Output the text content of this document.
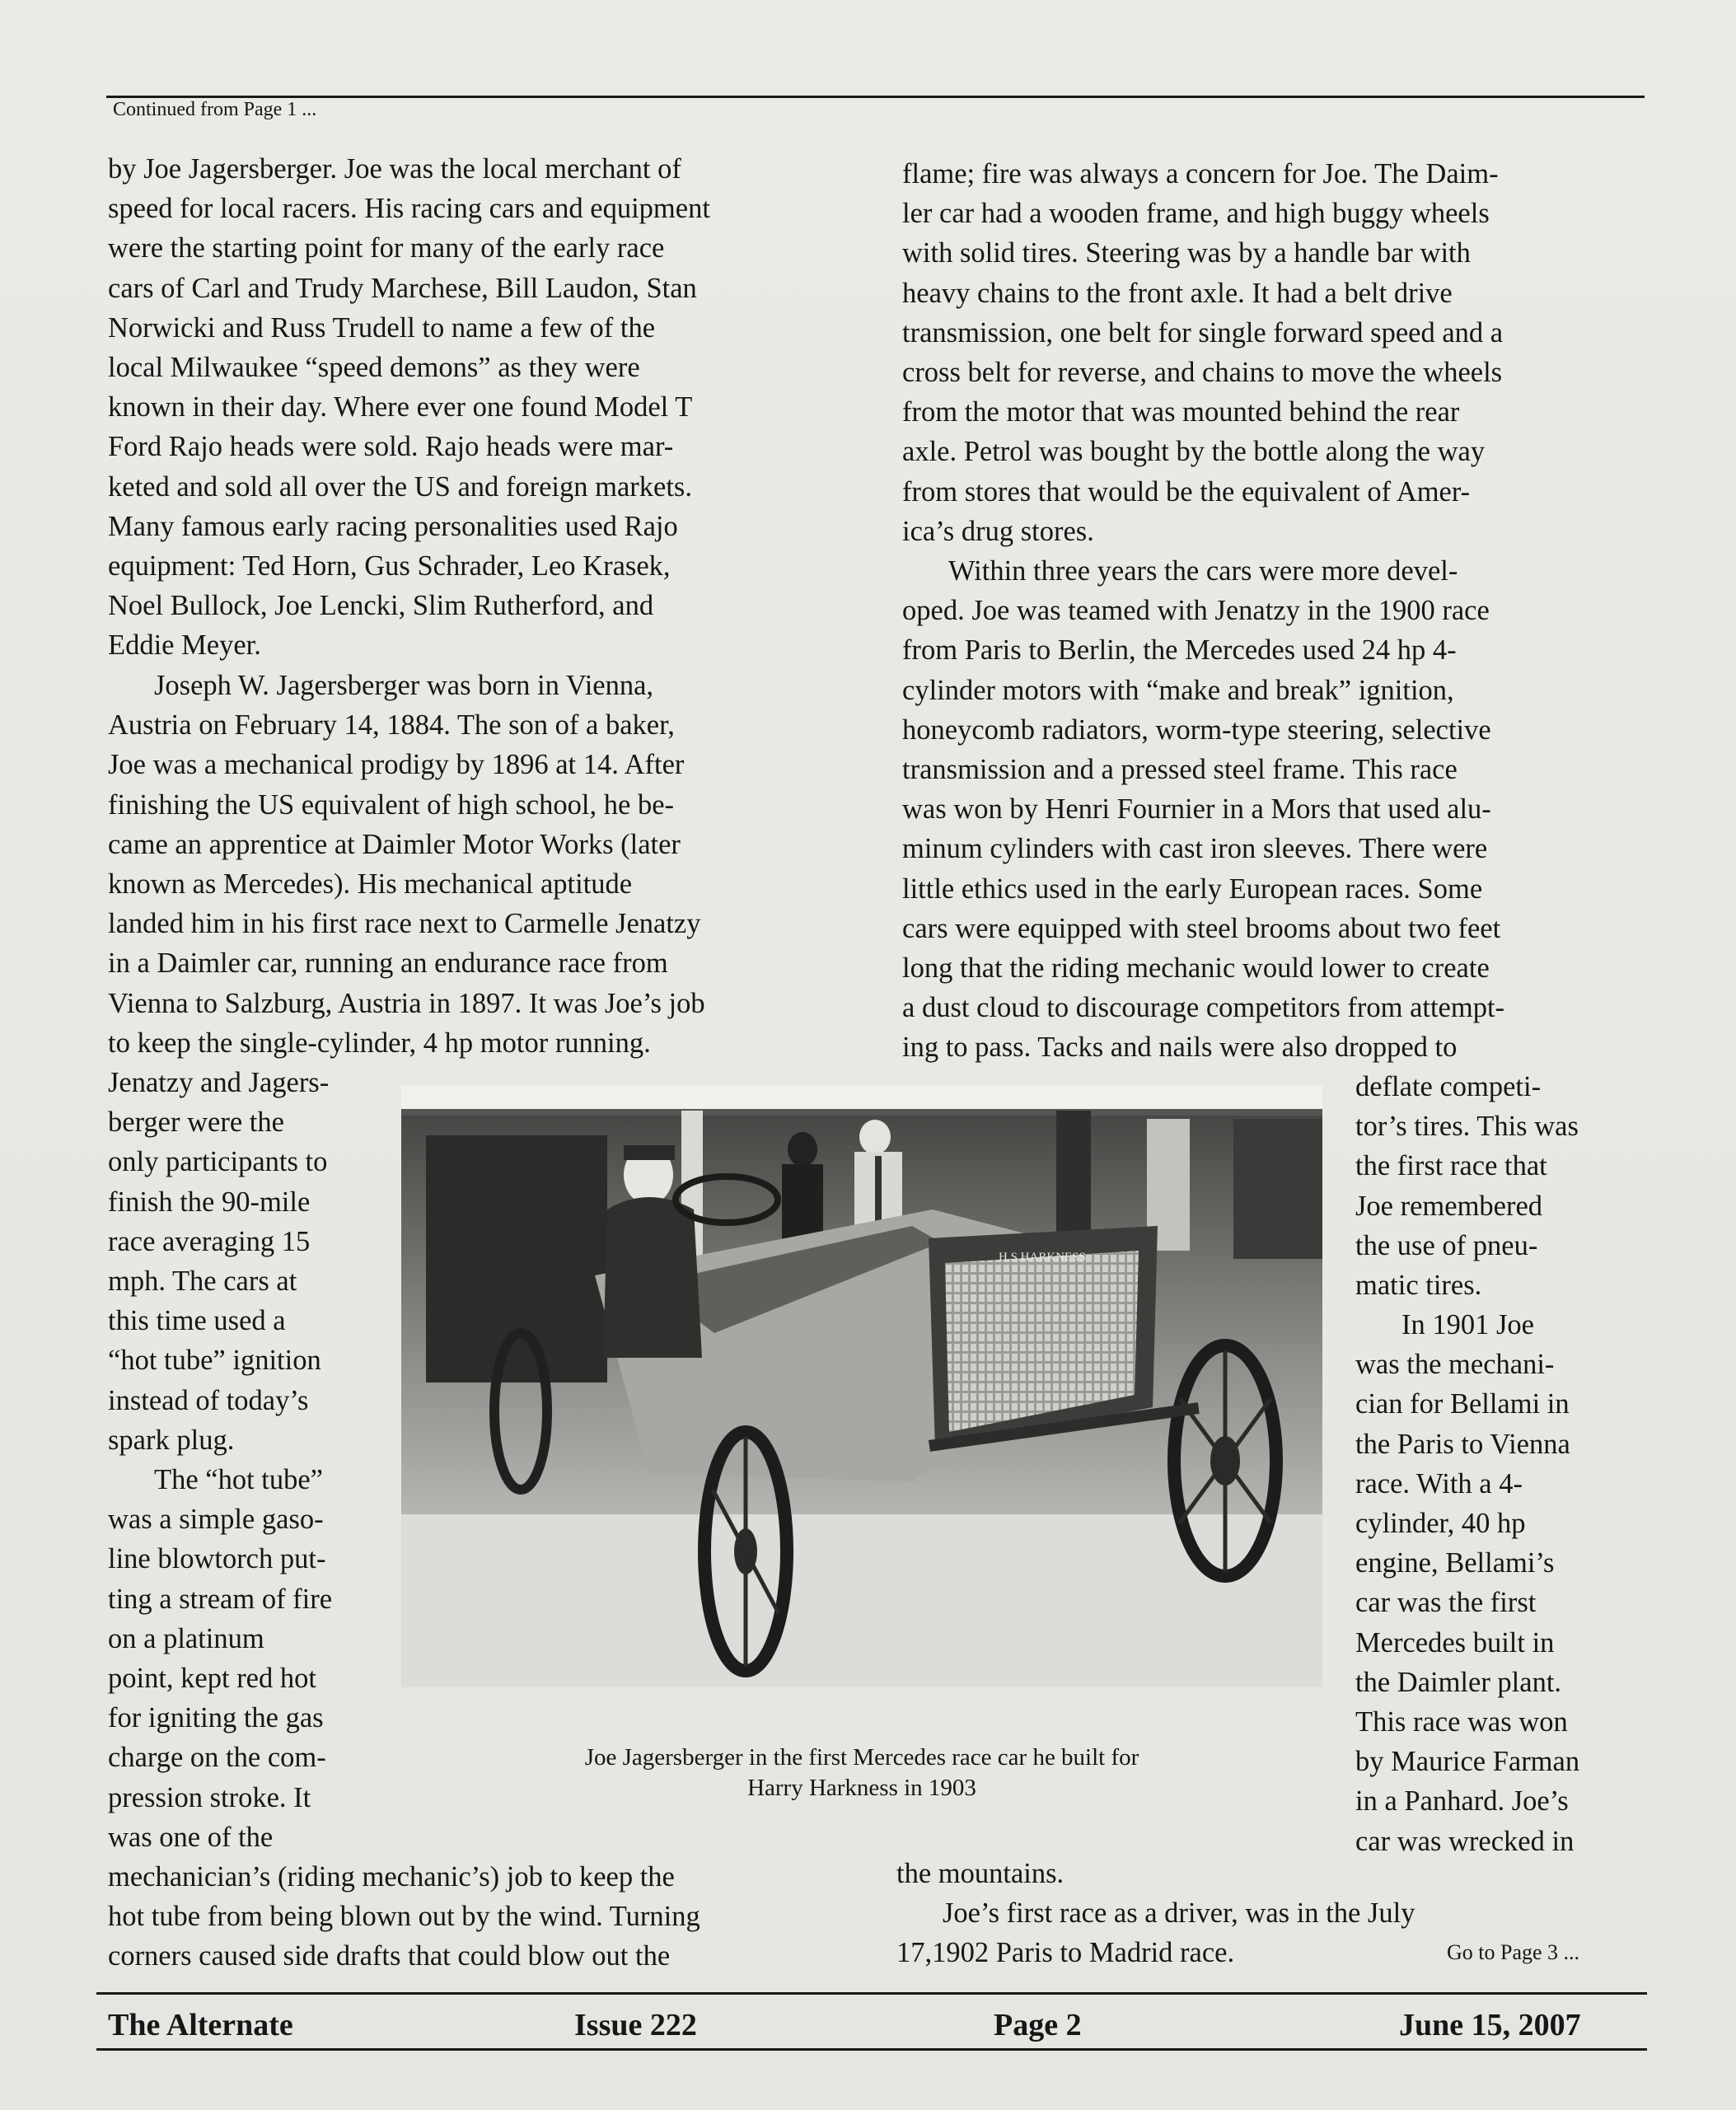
Continued from Page 1 ...
by Joe Jagersberger. Joe was the local merchant of
speed for local racers. His racing cars and equipment
were the starting point for many of the early race
cars of Carl and Trudy Marchese, Bill Laudon, Stan
Norwicki and Russ Trudell to name a few of the
local Milwaukee “speed demons” as they were
known in their day. Where ever one found Model T
Ford Rajo heads were sold. Rajo heads were mar-
keted and sold all over the US and foreign markets.
Many famous early racing personalities used Rajo
equipment: Ted Horn, Gus Schrader, Leo Krasek,
Noel Bullock, Joe Lencki, Slim Rutherford, and
Eddie Meyer.
Joseph W. Jagersberger was born in Vienna,
Austria on February 14, 1884. The son of a baker,
Joe was a mechanical prodigy by 1896 at 14. After
finishing the US equivalent of high school, he be-
came an apprentice at Daimler Motor Works (later
known as Mercedes). His mechanical aptitude
landed him in his first race next to Carmelle Jenatzy
in a Daimler car, running an endurance race from
Vienna to Salzburg, Austria in 1897. It was Joe’s job
to keep the single-cylinder, 4 hp motor running.
Jenatzy and Jagers-
berger were the
only participants to
finish the 90-mile
race averaging 15
mph. The cars at
this time used a
“hot tube” ignition
instead of today’s
spark plug.
The “hot tube”
was a simple gaso-
line blowtorch put-
ting a stream of fire
on a platinum
point, kept red hot
for igniting the gas
charge on the com-
pression stroke. It
was one of the
mechanician’s (riding mechanic’s) job to keep the
hot tube from being blown out by the wind. Turning
corners caused side drafts that could blow out the
flame; fire was always a concern for Joe. The Daim-
ler car had a wooden frame, and high buggy wheels
with solid tires. Steering was by a handle bar with
heavy chains to the front axle. It had a belt drive
transmission, one belt for single forward speed and a
cross belt for reverse, and chains to move the wheels
from the motor that was mounted behind the rear
axle. Petrol was bought by the bottle along the way
from stores that would be the equivalent of Amer-
ica’s drug stores.
Within three years the cars were more devel-
oped. Joe was teamed with Jenatzy in the 1900 race
from Paris to Berlin, the Mercedes used 24 hp 4-
cylinder motors with “make and break” ignition,
honeycomb radiators, worm-type steering, selective
transmission and a pressed steel frame. This race
was won by Henri Fournier in a Mors that used alu-
minum cylinders with cast iron sleeves. There were
little ethics used in the early European races. Some
cars were equipped with steel brooms about two feet
long that the riding mechanic would lower to create
a dust cloud to discourage competitors from attempt-
ing to pass. Tacks and nails were also dropped to
deflate competi-
tor’s tires. This was
the first race that
Joe remembered
the use of pneu-
matic tires.
In 1901 Joe
was the mechani-
cian for Bellami in
the Paris to Vienna
race. With a 4-
cylinder, 40 hp
engine, Bellami’s
car was the first
Mercedes built in
the Daimler plant.
This race was won
by Maurice Farman
in a Panhard. Joe’s
car was wrecked in
the mountains.
Joe’s first race as a driver, was in the July
17,1902 Paris to Madrid race.	Go to Page 3 ...
H.S.HARKNESS
Joe Jagersberger in the first Mercedes race car he built for
Harry Harkness in 1903
The Alternate	Issue 222	Page 2	June 15, 2007
